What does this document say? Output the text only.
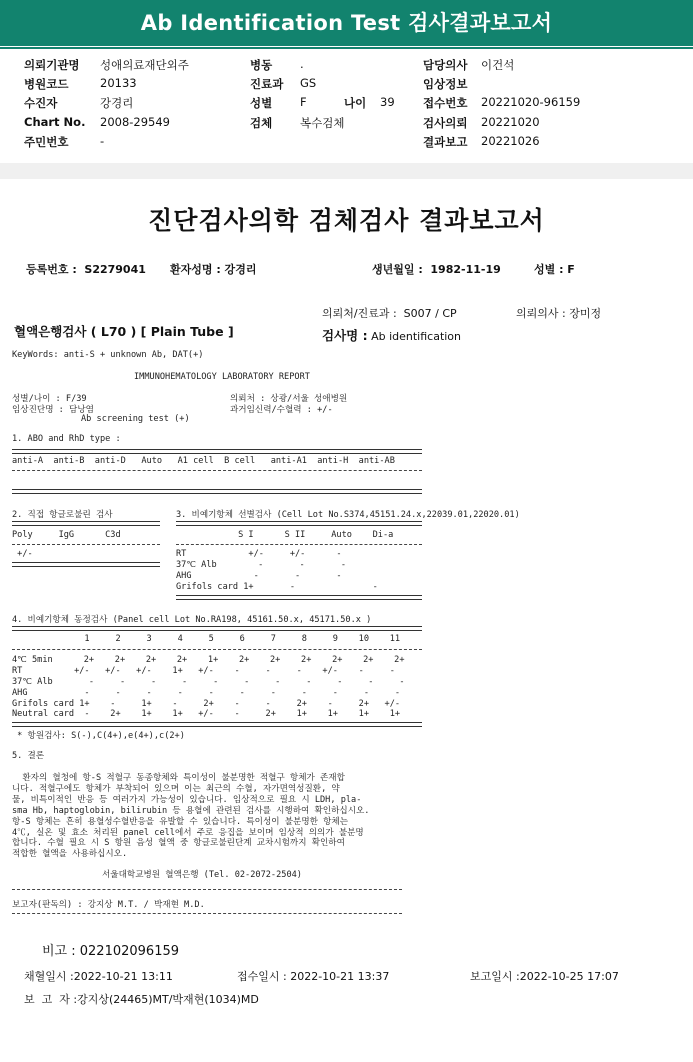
Ab Identification Test 검사결과보고서
의뢰기관명 성애의료재단외주
병원코드	20133
수진자	강경리
Chart No. 2008-29549
주민번호	-
병동 .
진료과 GS
성별 F	나이 39
검체 복수검체
담당의사 이건석
임상정보
접수번호 20221020-96159
검사의뢰 20221020
결과보고 20221026
진단검사의학 검체검사 결과보고서
등록번호 :  S2279041 환자성명 : 강경리	생년월일 :  1982-11-19	성별 : F
의뢰처/진료과 :  S007 / CP	의뢰의사 : 장미정
혈액은행검사 ( L70 ) [ Plain Tube ]	검사명 : Ab identification
KeyWords: anti-S + unknown Ab, DAT(+)
IMMUNOHEMATOLOGY LABORATORY REPORT
성별/나이 : F/39	의뢰처 : 상광/서울 성애병원
임상진단명 : 담낭염	과거임신력/수혈력 : +/-
Ab screening test (+)
1. ABO and RhD type :
anti-A  anti-B  anti-D   Auto   A1 cell  B cell   anti-A1  anti-H  anti-AB
2. 직접 항글로불린 검사	3. 비예기항체 선별검사 (Cell Lot No.S374,45151.24.x,22039.01,22020.01)
Poly     IgG      C3d	S I      S II     Auto    Di-a
+/-	RT            +/-     +/-      -
37℃ Alb        -       -       -
AHG            -       -       -
Grifols card 1+       -               -
4. 비예기항체 동정검사 (Panel cell Lot No.RA198, 45161.50.x, 45171.50.x )
1     2     3     4     5     6     7     8     9    10    11
4℃ 5min      2+    2+    2+    2+    1+    2+    2+    2+    2+    2+    2+
RT          +/-   +/-   +/-    1+   +/-    -     -     -    +/-    -     -
37℃ Alb       -     -     -     -     -     -     -     -     -     -     -
AHG           -     -     -     -     -     -     -     -     -     -     -
Grifols card 1+    -     1+    -     2+    -     -     2+    -     2+   +/-
Neutral card  -    2+    1+    1+   +/-    -     2+    1+    1+    1+    1+
* 항원검사: S(-),C(4+),e(4+),c(2+)
5. 결론
환자의 혈청에 항-S 적혈구 동종항체와 특이성이 불분명한 적혈구 항체가 존재합
니다. 적혈구에도 항체가 부착되어 있으며 이는 최근의 수혈, 자가면역성질환, 약
물, 비특이적인 반응 등 여러가지 가능성이 있습니다. 임상적으로 필요 시 LDH, pla-
sma Hb, haptoglobin, bilirubin 등 용혈에 관련된 검사를 시행하여 확인하십시오.
항-S 항체는 흔히 용혈성수혈반응을 유발할 수 있습니다. 특이성이 불분명한 항체는
4℃, 실온 및 효소 처리된 panel cell에서 주로 응집을 보이며 임상적 의의가 불분명
합니다. 수혈 필요 시 S 항원 음성 혈액 중 항글로불린단계 교차시험까지 확인하여
적합한 혈액을 사용하십시오.
서울대학교병원 혈액은행 (Tel. 02-2072-2504)
보고자(판독의) : 강지상 M.T. / 박재현 M.D.
비고 : 022102096159
채혈일시 :2022-10-21 13:11	접수일시 : 2022-10-21 13:37	보고일시 :2022-10-25 17:07
보  고  자 :강지상(24465)MT/박재현(1034)MD
